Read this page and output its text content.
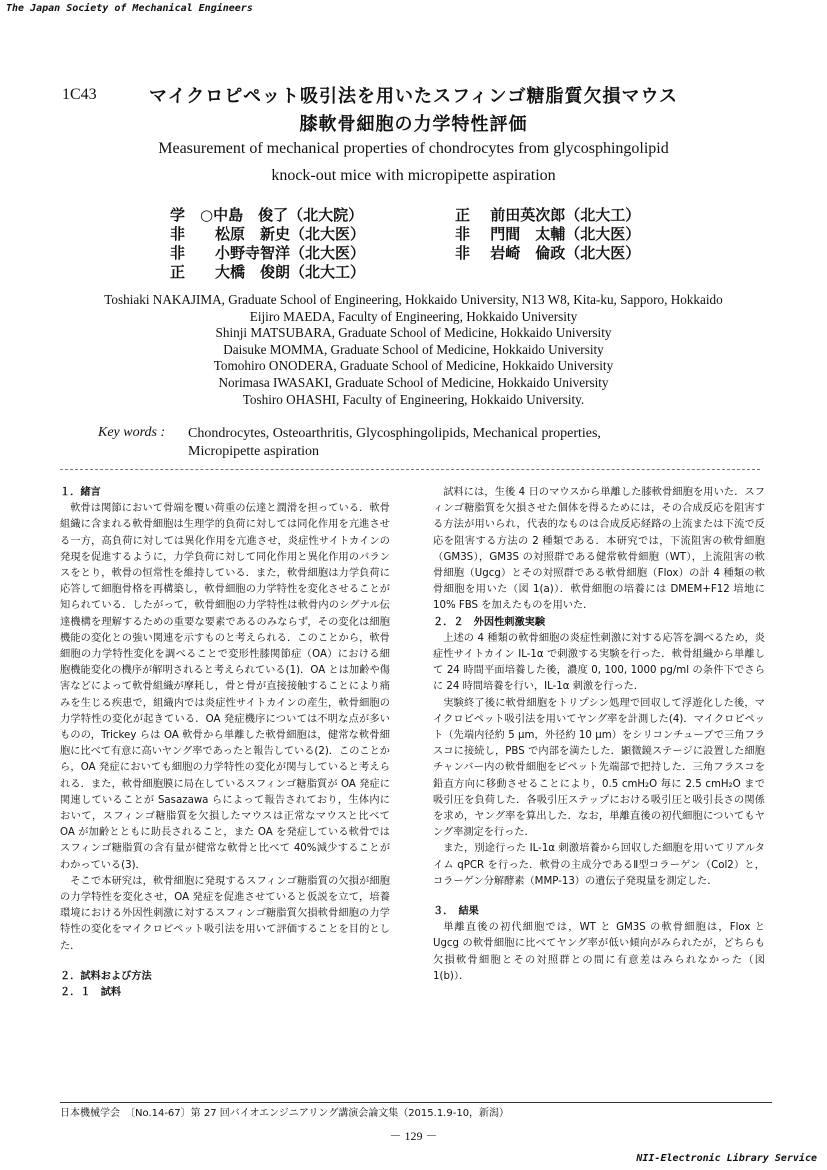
The Japan Society of Mechanical Engineers
1C43	マイクロピペット吸引法を用いたスフィンゴ糖脂質欠損マウス
膝軟骨細胞の力学特性評価
Measurement of mechanical properties of chondrocytes from glycosphingolipid
knock-out mice with micropipette aspiration
学　○中島　俊了（北大院）
非　　松原　新史（北大医）
非　　小野寺智洋（北大医）
正　　大橋　俊朗（北大工）
正　 前田英次郎（北大工）
非　 門間　太輔（北大医）
非　 岩崎　倫政（北大医）
Toshiaki NAKAJIMA, Graduate School of Engineering, Hokkaido University, N13 W8, Kita-ku, Sapporo, Hokkaido
Eijiro MAEDA, Faculty of Engineering, Hokkaido University
Shinji MATSUBARA, Graduate School of Medicine, Hokkaido University
Daisuke MOMMA, Graduate School of Medicine, Hokkaido University
Tomohiro ONODERA, Graduate School of Medicine, Hokkaido University
Norimasa IWASAKI, Graduate School of Medicine, Hokkaido University
Toshiro OHASHI, Faculty of Engineering, Hokkaido University.
Key words : Chondrocytes, Osteoarthritis, Glycosphingolipids, Mechanical properties,
Micropipette aspiration

１．緒言

軟骨は関節において骨端を覆い荷重の伝達と潤滑を担っている．軟骨組織に含まれる軟骨細胞は生理学的負荷に対しては同化作用を亢進させる一方，高負荷に対しては異化作用を亢進させ，炎症性サイトカインの発現を促進するように，力学負荷に対して同化作用と異化作用のバランスをとり，軟骨の恒常性を維持している．また，軟骨細胞は力学負荷に応答して細胞骨格を再構築し，軟骨細胞の力学特性を変化させることが知られている．したがって，軟骨細胞の力学特性は軟骨内のシグナル伝達機構を理解するための重要な要素であるのみならず，その変化は細胞機能の変化との強い関連を示すものと考えられる．このことから，軟骨細胞の力学特性変化を調べることで変形性膝関節症（OA）における細胞機能変化の機序が解明されると考えられている(1)．OA とは加齢や傷害などによって軟骨組織が摩耗し，骨と骨が直接接触することにより痛みを生じる疾患で，組織内では炎症性サイトカインの産生，軟骨細胞の力学特性の変化が起きている．OA 発症機序については不明な点が多いものの，Trickey らは OA 軟骨から単離した軟骨細胞は，健常な軟骨細胞に比べて有意に高いヤング率であったと報告している(2)．このことから，OA 発症においても細胞の力学特性の変化が関与していると考えられる．また，軟骨細胞膜に局在しているスフィンゴ糖脂質が OA 発症に関連していることが Sasazawa らによって報告されており，生体内において，スフィンゴ糖脂質を欠損したマウスは正常なマウスと比べて OA が加齢とともに助長されること，また OA を発症している軟骨ではスフィンゴ糖脂質の含有量が健常な軟骨と比べて 40%減少することがわかっている(3)．

そこで本研究は，軟骨細胞に発現するスフィンゴ糖脂質の欠損が細胞の力学特性を変化させ，OA 発症を促進させていると仮説を立て，培養環境における外因性刺激に対するスフィンゴ糖脂質欠損軟骨細胞の力学特性の変化をマイクロピペット吸引法を用いて評価することを目的とした．

２．試料および方法

２．１　試料

試料には，生後 4 日のマウスから単離した膝軟骨細胞を用いた．スフィンゴ糖脂質を欠損させた個体を得るためには，その合成反応を阻害する方法が用いられ，代表的なものは合成反応経路の上流または下流で反応を阻害する方法の 2 種類である．本研究では，下流阻害の軟骨細胞（GM3S），GM3S の対照群である健常軟骨細胞（WT），上流阻害の軟骨細胞（Ugcg）とその対照群である軟骨細胞（Flox）の計 4 種類の軟骨細胞を用いた（図 1(a)）．軟骨細胞の培養には DMEM+F12 培地に 10% FBS を加えたものを用いた．

２．２　外因性刺激実験

上述の 4 種類の軟骨細胞の炎症性刺激に対する応答を調べるため，炎症性サイトカイン IL-1α で刺激する実験を行った．軟骨組織から単離して 24 時間平面培養した後，濃度 0, 100, 1000 pg/ml の条件下でさらに 24 時間培養を行い，IL-1α 刺激を行った．

実験終了後に軟骨細胞をトリプシン処理で回収して浮遊化した後，マイクロピペット吸引法を用いてヤング率を計測した(4)．マイクロピペット（先端内径約 5 μm，外径約 10 μm）をシリコンチューブで三角フラスコに接続し，PBS で内部を満たした．顕微鏡ステージに設置した細胞チャンバー内の軟骨細胞をピペット先端部で把持した．三角フラスコを鉛直方向に移動させることにより，0.5 cmH₂O 毎に 2.5 cmH₂O まで吸引圧を負荷した．各吸引圧ステップにおける吸引圧と吸引長さの関係を求め，ヤング率を算出した．なお，単離直後の初代細胞についてもヤング率測定を行った．

また，別途行った IL-1α 刺激培養から回収した細胞を用いてリアルタイム qPCR を行った．軟骨の主成分であるⅡ型コラーゲン（Col2）と，コラーゲン分解酵素（MMP-13）の遺伝子発現量を測定した．

３．　結果

単離直後の初代細胞では，WT と GM3S の軟骨細胞は，Flox と Ugcg の軟骨細胞に比べてヤング率が低い傾向がみられたが，どちらも欠損軟骨細胞とその対照群との間に有意差はみられなかった（図 1(b)）．

日本機械学会　〔No.14-67〕第 27 回バイオエンジニアリング講演会論文集（2015.1.9-10，新潟）
－ 129 －
NII-Electronic Library Service
